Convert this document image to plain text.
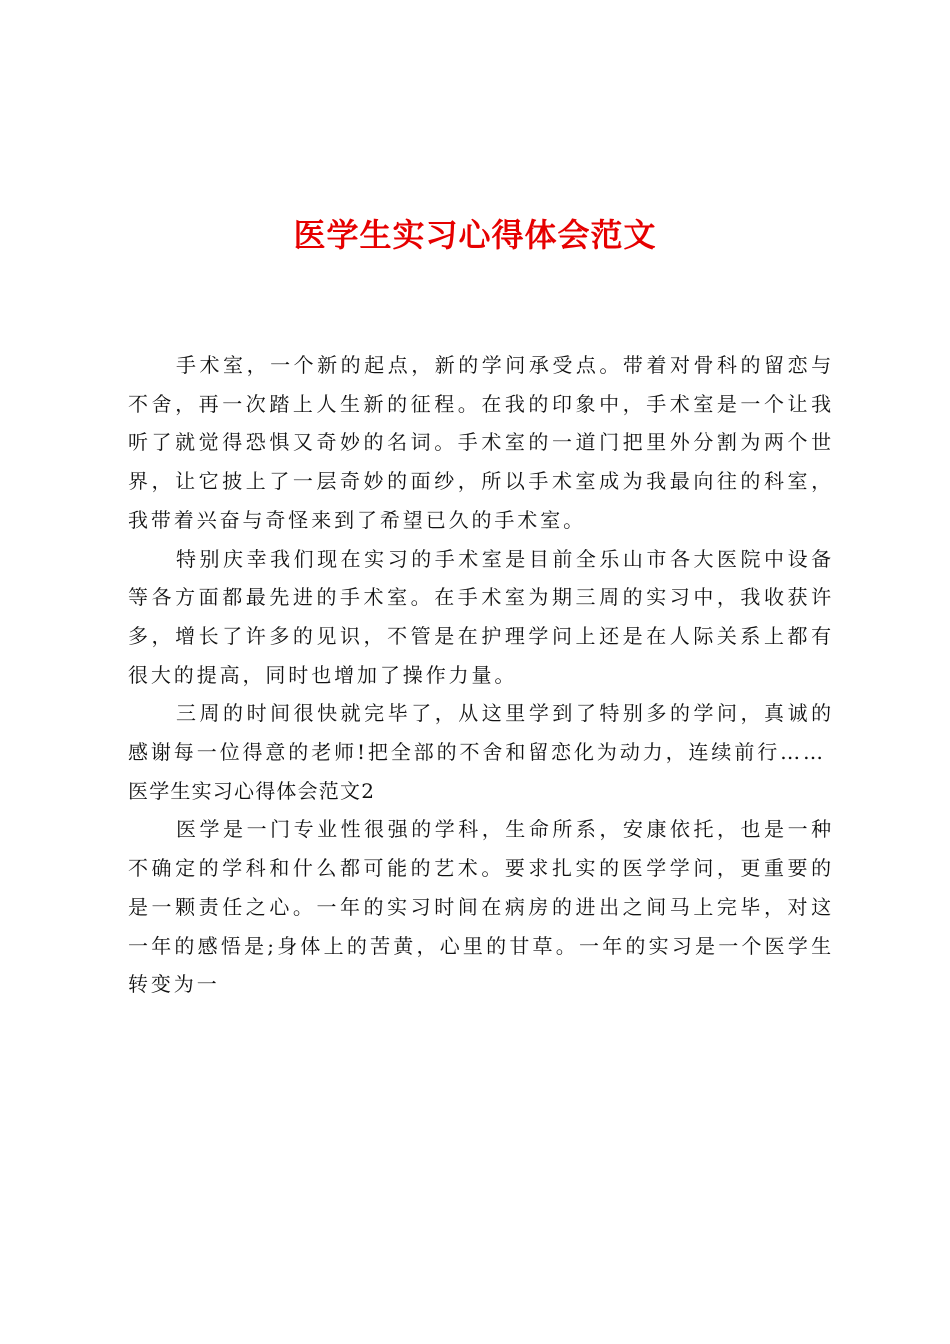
医学生实习心得体会范文

手术室，一个新的起点，新的学问承受点。带着对骨科的留恋与不舍，再一次踏上人生新的征程。在我的印象中，手术室是一个让我听了就觉得恐惧又奇妙的名词。手术室的一道门把里外分割为两个世界，让它披上了一层奇妙的面纱，所以手术室成为我最向往的科室，我带着兴奋与奇怪来到了希望已久的手术室。

特别庆幸我们现在实习的手术室是目前全乐山市各大医院中设备等各方面都最先进的手术室。在手术室为期三周的实习中，我收获许多，增长了许多的见识，不管是在护理学问上还是在人际关系上都有很大的提高，同时也增加了操作力量。

三周的时间很快就完毕了，从这里学到了特别多的学问，真诚的感谢每一位得意的老师!把全部的不舍和留恋化为动力，连续前行……

医学生实习心得体会范文2

医学是一门专业性很强的学科，生命所系，安康依托，也是一种不确定的学科和什么都可能的艺术。要求扎实的医学学问，更重要的是一颗责任之心。一年的实习时间在病房的进出之间马上完毕，对这一年的感悟是;身体上的苦黄，心里的甘草。一年的实习是一个医学生转变为一
